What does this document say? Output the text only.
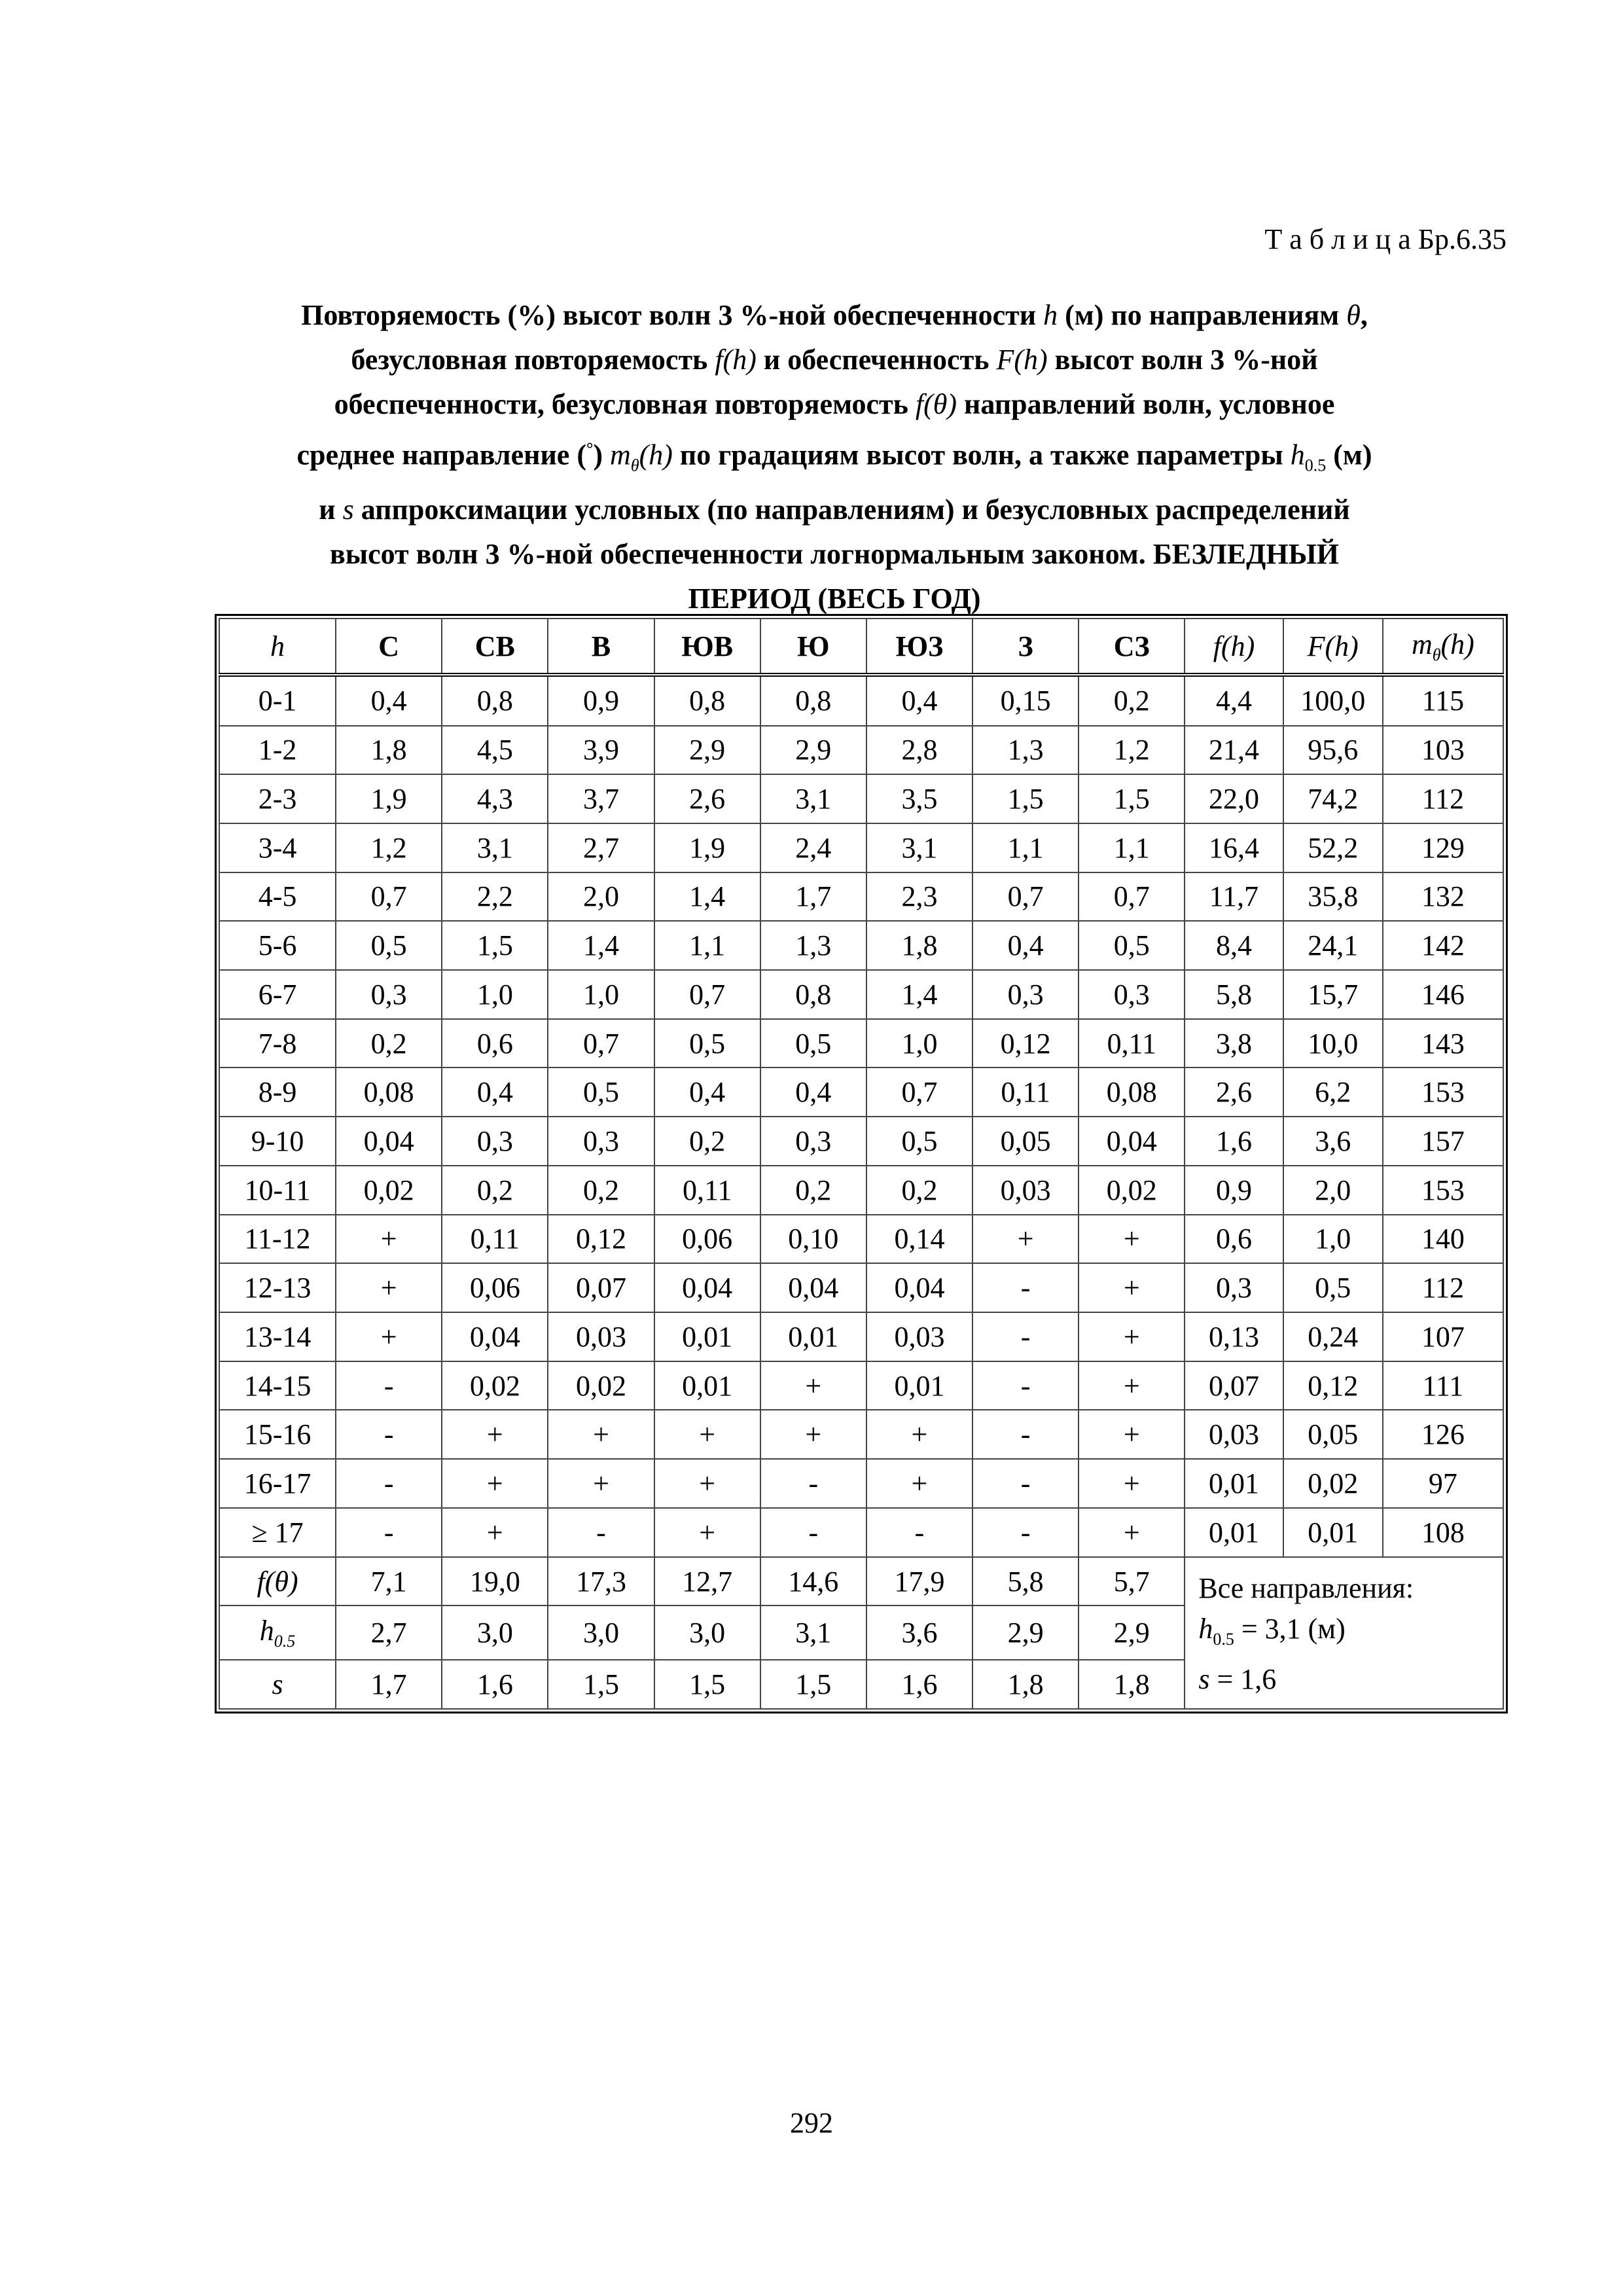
Т а б л и ц а Бр.6.35
Повторяемость (%) высот волн 3 %-ной обеспеченности h (м) по направлениям θ,
безусловная повторяемость f(h) и обеспеченность F(h) высот волн 3 %-ной
обеспеченности, безусловная повторяемость f(θ) направлений волн, условное
среднее направление (°) $m_\theta(h)$ по градациям высот волн, а также параметры $h_{0.5}$ (м)
и s аппроксимации условных (по направлениям) и безусловных распределений
высот волн 3 %-ной обеспеченности логнормальным законом. БЕЗЛЕДНЫЙ
ПЕРИОД (ВЕСЬ ГОД)
h	С	СВ	В	ЮВ	Ю	ЮЗ	З	СЗ	f(h)	F(h)	$m_\theta(h)$
0-1	0,4	0,8	0,9	0,8	0,8	0,4	0,15	0,2	4,4	100,0	115
1-2	1,8	4,5	3,9	2,9	2,9	2,8	1,3	1,2	21,4	95,6	103
2-3	1,9	4,3	3,7	2,6	3,1	3,5	1,5	1,5	22,0	74,2	112
3-4	1,2	3,1	2,7	1,9	2,4	3,1	1,1	1,1	16,4	52,2	129
4-5	0,7	2,2	2,0	1,4	1,7	2,3	0,7	0,7	11,7	35,8	132
5-6	0,5	1,5	1,4	1,1	1,3	1,8	0,4	0,5	8,4	24,1	142
6-7	0,3	1,0	1,0	0,7	0,8	1,4	0,3	0,3	5,8	15,7	146
7-8	0,2	0,6	0,7	0,5	0,5	1,0	0,12	0,11	3,8	10,0	143
8-9	0,08	0,4	0,5	0,4	0,4	0,7	0,11	0,08	2,6	6,2	153
9-10	0,04	0,3	0,3	0,2	0,3	0,5	0,05	0,04	1,6	3,6	157
10-11	0,02	0,2	0,2	0,11	0,2	0,2	0,03	0,02	0,9	2,0	153
11-12	+	0,11	0,12	0,06	0,10	0,14	+	+	0,6	1,0	140
12-13	+	0,06	0,07	0,04	0,04	0,04	-	+	0,3	0,5	112
13-14	+	0,04	0,03	0,01	0,01	0,03	-	+	0,13	0,24	107
14-15	-	0,02	0,02	0,01	+	0,01	-	+	0,07	0,12	111
15-16	-	+	+	+	+	+	-	+	0,03	0,05	126
16-17	-	+	+	+	-	+	-	+	0,01	0,02	97
≥ 17	-	+	-	+	-	-	-	+	0,01	0,01	108
f(θ)	7,1	19,0	17,3	12,7	14,6	17,9	5,8	5,7	Все направления:
$h_{0.5} = 3,1$ (м)
s = 1,6		

$h_{0.5}$	2,7	3,0	3,0	3,0	3,1	3,6	2,9	2,9			
s	1,7	1,6	1,5	1,5	1,5	1,6	1,8	1,8			
292
